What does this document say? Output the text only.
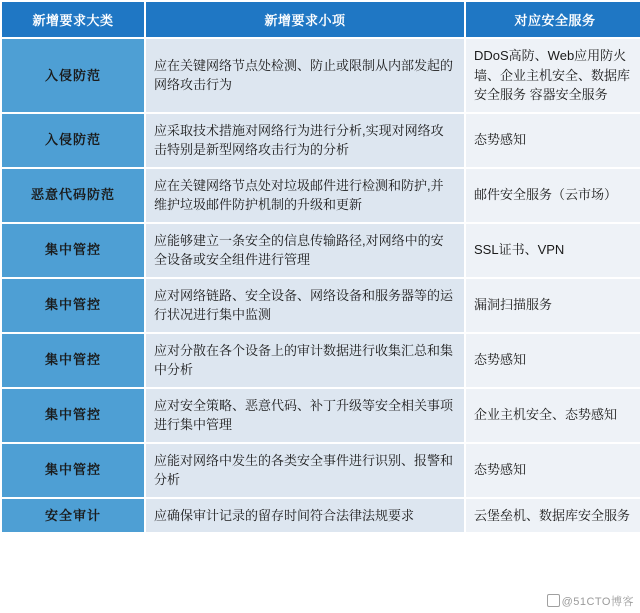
新增要求大类	新增要求小项	对应安全服务
入侵防范	应在关键网络节点处检测、防止或限制从内部发起的网络攻击行为	DDoS高防、Web应用防火墙、企业主机安全、数据库安全服务 容器安全服务
入侵防范	应采取技术措施对网络行为进行分析,实现对网络攻击特别是新型网络攻击行为的分析	态势感知
恶意代码防范	应在关键网络节点处对垃圾邮件进行检测和防护,并维护垃圾邮件防护机制的升级和更新	邮件安全服务（云市场）
集中管控	应能够建立一条安全的信息传输路径,对网络中的安全设备或安全组件进行管理	SSL证书、VPN
集中管控	应对网络链路、安全设备、网络设备和服务器等的运行状况进行集中监测	漏洞扫描服务
集中管控	应对分散在各个设备上的审计数据进行收集汇总和集中分析	态势感知
集中管控	应对安全策略、恶意代码、补丁升级等安全相关事项进行集中管理	企业主机安全、态势感知
集中管控	应能对网络中发生的各类安全事件进行识别、报警和分析	态势感知
安全审计	应确保审计记录的留存时间符合法律法规要求	云堡垒机、数据库安全服务
@51CTO博客
